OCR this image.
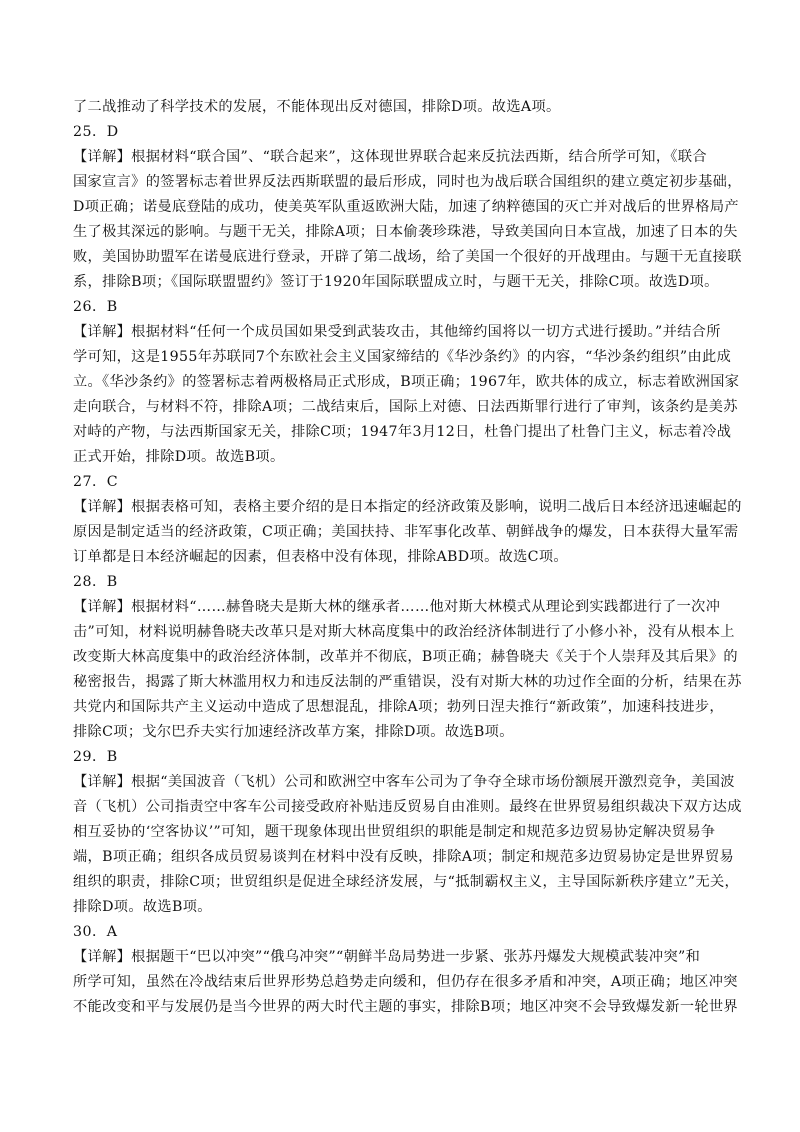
了二战推动了科学技术的发展，不能体现出反对德国，排除D项。故选A项。
25．D
【详解】根据材料“联合国”、“联合起来”，这体现世界联合起来反抗法西斯，结合所学可知，《联合
国家宣言》的签署标志着世界反法西斯联盟的最后形成，同时也为战后联合国组织的建立奠定初步基础，
D项正确；诺曼底登陆的成功，使美英军队重返欧洲大陆，加速了纳粹德国的灭亡并对战后的世界格局产
生了极其深远的影响。与题干无关，排除A项；日本偷袭珍珠港，导致美国向日本宣战，加速了日本的失
败，美国协助盟军在诺曼底进行登录，开辟了第二战场，给了美国一个很好的开战理由。与题干无直接联
系，排除B项；《国际联盟盟约》签订于1920年国际联盟成立时，与题干无关，排除C项。故选D项。
26．B
【详解】根据材料“任何一个成员国如果受到武装攻击，其他缔约国将以一切方式进行援助。”并结合所
学可知，这是1955年苏联同7个东欧社会主义国家缔结的《华沙条约》的内容，“华沙条约组织”由此成
立。《华沙条约》的签署标志着两极格局正式形成，B项正确；1967年，欧共体的成立，标志着欧洲国家
走向联合，与材料不符，排除A项；二战结束后，国际上对德、日法西斯罪行进行了审判，该条约是美苏
对峙的产物，与法西斯国家无关，排除C项；1947年3月12日，杜鲁门提出了杜鲁门主义，标志着冷战
正式开始，排除D项。故选B项。
27．C
【详解】根据表格可知，表格主要介绍的是日本指定的经济政策及影响，说明二战后日本经济迅速崛起的
原因是制定适当的经济政策，C项正确；美国扶持、非军事化改革、朝鲜战争的爆发，日本获得大量军需
订单都是日本经济崛起的因素，但表格中没有体现，排除ABD项。故选C项。
28．B
【详解】根据材料“……赫鲁晓夫是斯大林的继承者……他对斯大林模式从理论到实践都进行了一次冲
击”可知，材料说明赫鲁晓夫改革只是对斯大林高度集中的政治经济体制进行了小修小补，没有从根本上
改变斯大林高度集中的政治经济体制，改革并不彻底，B项正确；赫鲁晓夫《关于个人崇拜及其后果》的
秘密报告，揭露了斯大林滥用权力和违反法制的严重错误，没有对斯大林的功过作全面的分析，结果在苏
共党内和国际共产主义运动中造成了思想混乱，排除A项；勃列日涅夫推行“新政策”，加速科技进步，
排除C项；戈尔巴乔夫实行加速经济改革方案，排除D项。故选B项。
29．B
【详解】根据“美国波音（飞机）公司和欧洲空中客车公司为了争夺全球市场份额展开激烈竞争，美国波
音（飞机）公司指责空中客车公司接受政府补贴违反贸易自由准则。最终在世界贸易组织裁决下双方达成
相互妥协的‘空客协议’”可知，题干现象体现出世贸组织的职能是制定和规范多边贸易协定解决贸易争
端，B项正确；组织各成员贸易谈判在材料中没有反映，排除A项；制定和规范多边贸易协定是世界贸易
组织的职责，排除C项；世贸组织是促进全球经济发展，与“抵制霸权主义，主导国际新秩序建立”无关，
排除D项。故选B项。
30．A
【详解】根据题干“巴以冲突”“俄乌冲突”“朝鲜半岛局势进一步紧、张苏丹爆发大规模武装冲突”和
所学可知，虽然在冷战结束后世界形势总趋势走向缓和，但仍存在很多矛盾和冲突，A项正确；地区冲突
不能改变和平与发展仍是当今世界的两大时代主题的事实，排除B项；地区冲突不会导致爆发新一轮世界
